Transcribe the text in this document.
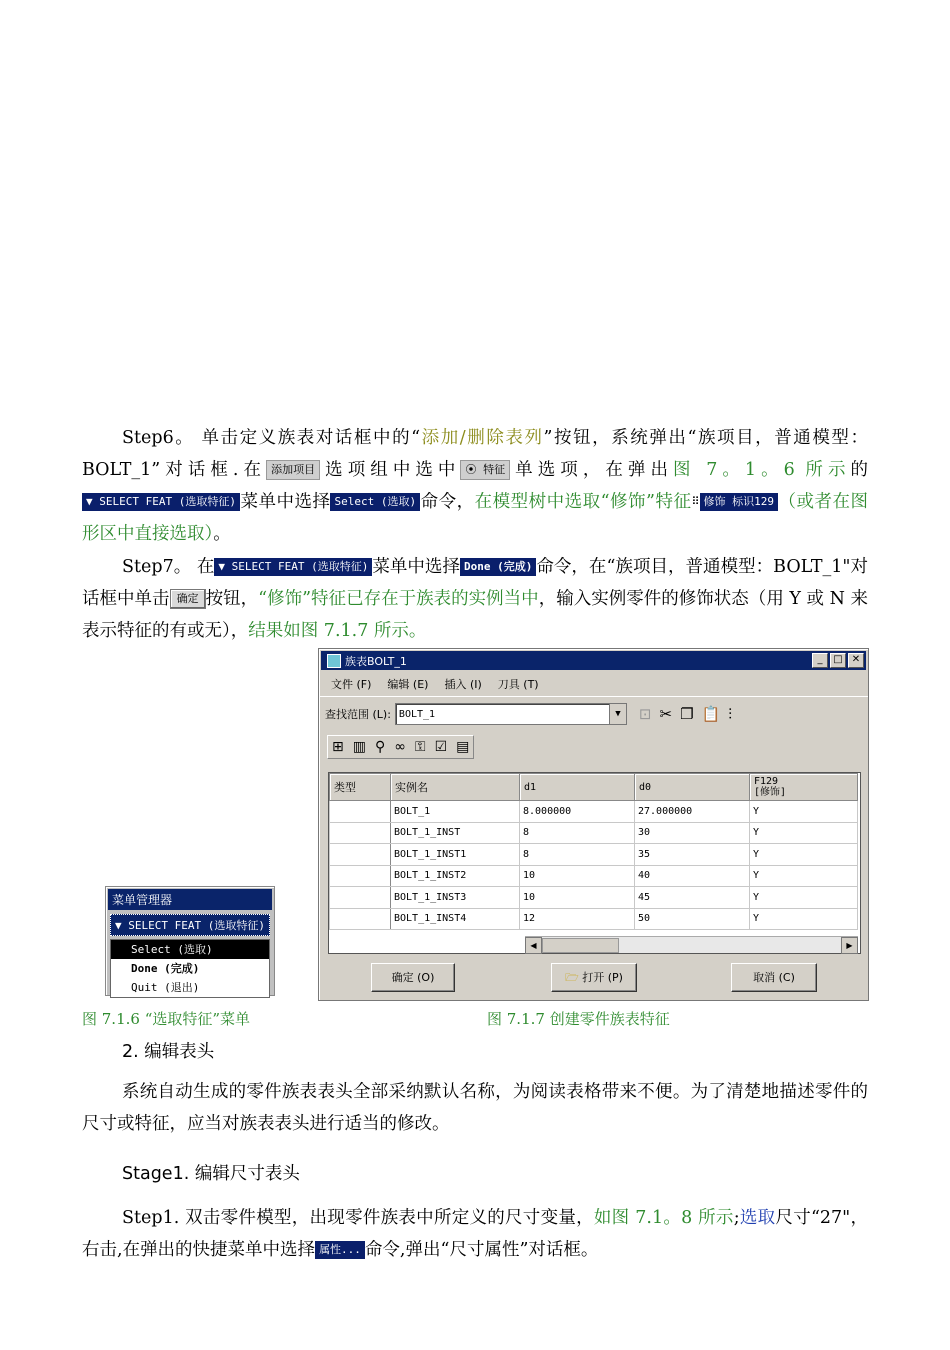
Step6。 单击定义族表对话框中的“添加/删除表列”按钮，系统弹出“族项目，普通模型：BOLT_1”对话框.在 添加项目 选项组中选中 ⦿ 特征 单选项，在弹出图 7。1。6 所示的▼ SELECT FEAT (选取特征) 菜单中选择 Select (选取) 命令，在模型树中选取“修饰”特征⠿ 修饰 标识129 （或者在图形区中直接选取）。
Step7。 在 ▼ SELECT FEAT (选取特征) 菜单中选择 Done (完成) 命令，在“族项目，普通模型：BOLT_1"对话框中单击 确定 按钮，“修饰”特征已存在于族表的实例当中，输入实例零件的修饰状态（用 Y 或 N 来表示特征的有或无），结果如图 7.1.7 所示。
菜单管理器
▼ SELECT FEAT (选取特征)
Select (选取)
Done (完成)
Quit (退出)
族表BOLT_1	_	□ ✕
文件 (F) 编辑 (E) 插入 (I) 刀具 (T)
查找范围 (L): BOLT_1	▼	⊡ ✂ ❐ 📋 ⫶
⊞ ▥ ⚲ ∞ ⚿ ☑ ▤
类型	实例名	d1	d0	F129
[修饰]
	BOLT_1	8.000000	27.000000	Y
	BOLT_1_INST	8	30	Y
	BOLT_1_INST1	8	35	Y
	BOLT_1_INST2	10	40	Y
	BOLT_1_INST3	10	45	Y
	BOLT_1_INST4	12	50	Y
◀	▶
确定 (O)	🗁 打开 (P)	取消 (C)
图 7.1.6 “选取特征”菜单	图 7.1.7 创建零件族表特征
2. 编辑表头
系统自动生成的零件族表表头全部采纳默认名称，为阅读表格带来不便。为了清楚地描述零件的尺寸或特征，应当对族表表头进行适当的修改。
Stage1. 编辑尺寸表头
Step1. 双击零件模型，出现零件族表中所定义的尺寸变量，如图 7.1。8 所示;选取尺寸“27"，右击,在弹出的快捷菜单中选择 属性... 命令,弹出“尺寸属性”对话框。
